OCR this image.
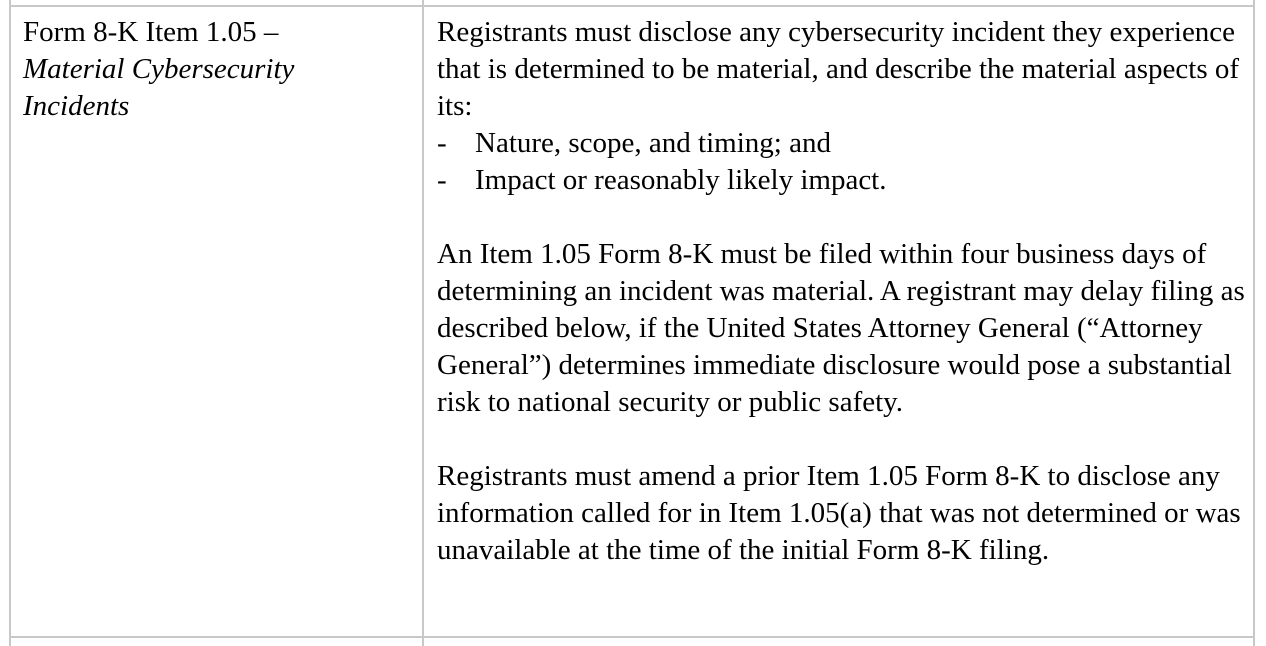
Form 8-K Item 1.05 –
Material Cybersecurity
Incidents
Registrants must disclose any cybersecurity incident they experience that is determined to be material, and describe the material aspects of its:
- Nature, scope, and timing; and
- Impact or reasonably likely impact.
An Item 1.05 Form 8-K must be filed within four business days of determining an incident was material. A registrant may delay filing as described below, if the United States Attorney General (“Attorney General”) determines immediate disclosure would pose a substantial risk to national security or public safety.
Registrants must amend a prior Item 1.05 Form 8-K to disclose any information called for in Item 1.05(a) that was not determined or was unavailable at the time of the initial Form 8-K filing.
